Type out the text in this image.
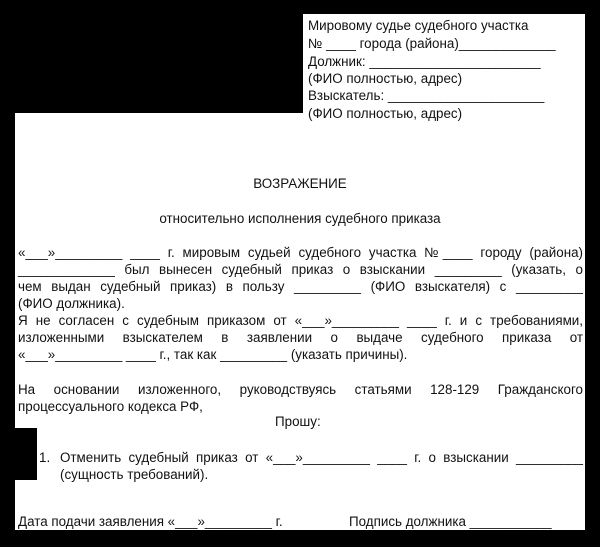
Мировому судье судебного участка
№ ____ города (района)_____________
Должник: _______________________
(ФИО полностью, адрес)
Взыскатель: _____________________
(ФИО полностью, адрес)
ВОЗРАЖЕНИЕ
относительно исполнения судебного приказа
«___»_________ ____ г. мировым судьей судебного участка №____ городу (района)
_____________ был вынесен судебный приказ о взыскании _________ (указать, о
чем выдан судебный приказ) в пользу _________ (ФИО взыскателя) с _________
(ФИО должника).
Я не согласен с судебным приказом от «___»_________ ____ г. и с требованиями,
изложенными взыскателем в заявлении о выдаче судебного приказа от
«___»_________ ____ г., так как _________ (указать причины).
На основании изложенного, руководствуясь статьями 128-129 Гражданского
процессуального кодекса РФ,
Прошу:
1. Отменить судебный приказ от «___»_________ ____ г. о взыскании _________
(сущность требований).
Дата подачи заявления «___»_________ г.	Подпись должника ___________
